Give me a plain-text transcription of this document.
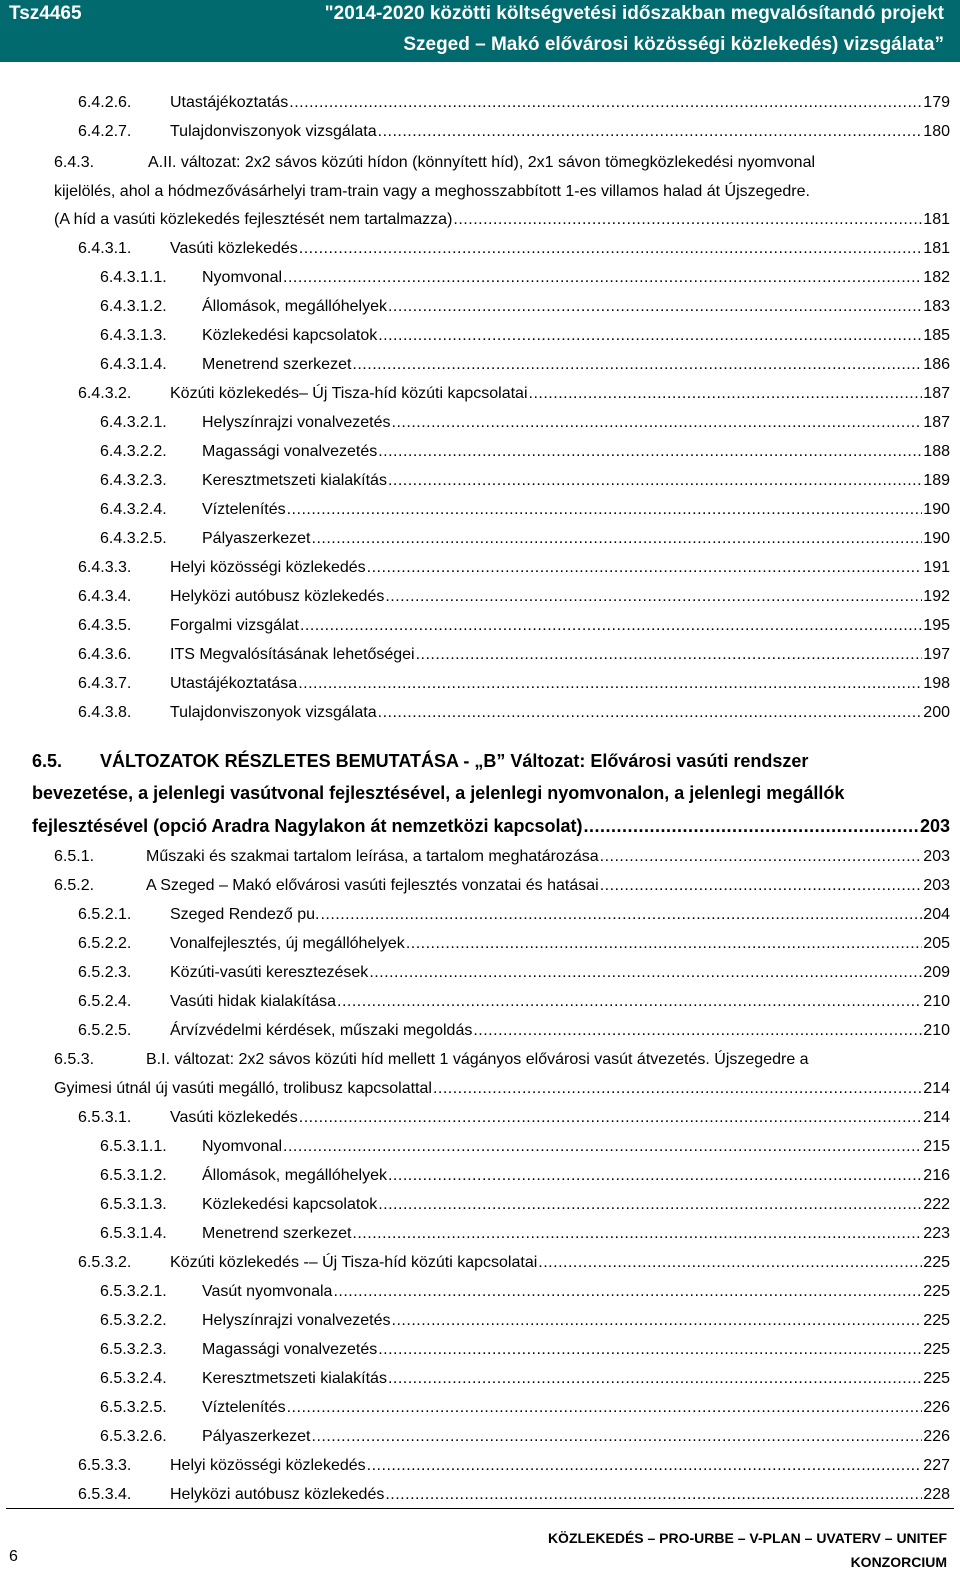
Tsz4465	"2014-2020 közötti költségvetési időszakban megvalósítandó projekt
Szeged – Makó elővárosi közösségi közlekedés) vizsgálata”
6.4.2.6.	Utastájékoztatás .....	179
6.4.2.7.	Tulajdonviszonyok vizsgálata .....	180
6.4.3.	A.II. változat: 2x2 sávos közúti hídon (könnyített híd), 2x1 sávon tömegközlekedési nyomvonal
kijelölés, ahol a hódmezővásárhelyi tram-train vagy a meghosszabbított 1-es villamos halad át Újszegedre.
(A híd a vasúti közlekedés fejlesztését nem tartalmazza) .....	181
6.4.3.1.	Vasúti közlekedés .....	181
6.4.3.1.1.	Nyomvonal .....	182
6.4.3.1.2.	Állomások, megállóhelyek .....	183
6.4.3.1.3.	Közlekedési kapcsolatok .....	185
6.4.3.1.4.	Menetrend szerkezet .....	186
6.4.3.2.	Közúti közlekedés– Új Tisza-híd közúti kapcsolatai .....	187
6.4.3.2.1.	Helyszínrajzi vonalvezetés .....	187
6.4.3.2.2.	Magassági vonalvezetés .....	188
6.4.3.2.3.	Keresztmetszeti kialakítás .....	189
6.4.3.2.4.	Víztelenítés .....	190
6.4.3.2.5.	Pályaszerkezet .....	190
6.4.3.3.	Helyi közösségi közlekedés .....	191
6.4.3.4.	Helyközi autóbusz közlekedés .....	192
6.4.3.5.	Forgalmi vizsgálat .....	195
6.4.3.6.	ITS Megvalósításának lehetőségei .....	197
6.4.3.7.	Utastájékoztatása .....	198
6.4.3.8.	Tulajdonviszonyok vizsgálata .....	200
6.5. VÁLTOZATOK RÉSZLETES BEMUTATÁSA - „B” Változat: Elővárosi vasúti rendszer
bevezetése, a jelenlegi vasútvonal fejlesztésével, a jelenlegi nyomvonalon, a jelenlegi megállók
fejlesztésével (opció Aradra Nagylakon át nemzetközi kapcsolat) .....	203
6.5.1.	Műszaki és szakmai tartalom leírása, a tartalom meghatározása .....	203
6.5.2.	A Szeged – Makó elővárosi vasúti fejlesztés vonzatai és hatásai .....	203
6.5.2.1.	Szeged Rendező pu. .....	204
6.5.2.2.	Vonalfejlesztés, új megállóhelyek .....	205
6.5.2.3.	Közúti-vasúti keresztezések .....	209
6.5.2.4.	Vasúti hidak kialakítása .....	210
6.5.2.5.	Árvízvédelmi kérdések, műszaki megoldás .....	210
6.5.3.	B.I. változat: 2x2 sávos közúti híd mellett 1 vágányos elővárosi vasút átvezetés. Újszegedre a
Gyimesi útnál új vasúti megálló, trolibusz kapcsolattal .....	214
6.5.3.1.	Vasúti közlekedés .....	214
6.5.3.1.1.	Nyomvonal .....	215
6.5.3.1.2.	Állomások, megállóhelyek .....	216
6.5.3.1.3.	Közlekedési kapcsolatok .....	222
6.5.3.1.4.	Menetrend szerkezet .....	223
6.5.3.2.	Közúti közlekedés -– Új Tisza-híd közúti kapcsolatai .....	225
6.5.3.2.1.	Vasút nyomvonala .....	225
6.5.3.2.2.	Helyszínrajzi vonalvezetés .....	225
6.5.3.2.3.	Magassági vonalvezetés .....	225
6.5.3.2.4.	Keresztmetszeti kialakítás .....	225
6.5.3.2.5.	Víztelenítés .....	226
6.5.3.2.6.	Pályaszerkezet .....	226
6.5.3.3.	Helyi közösségi közlekedés .....	227
6.5.3.4.	Helyközi autóbusz közlekedés .....	228
6
KÖZLEKEDÉS – PRO-URBE – V-PLAN – UVATERV – UNITEF KONZORCIUM
